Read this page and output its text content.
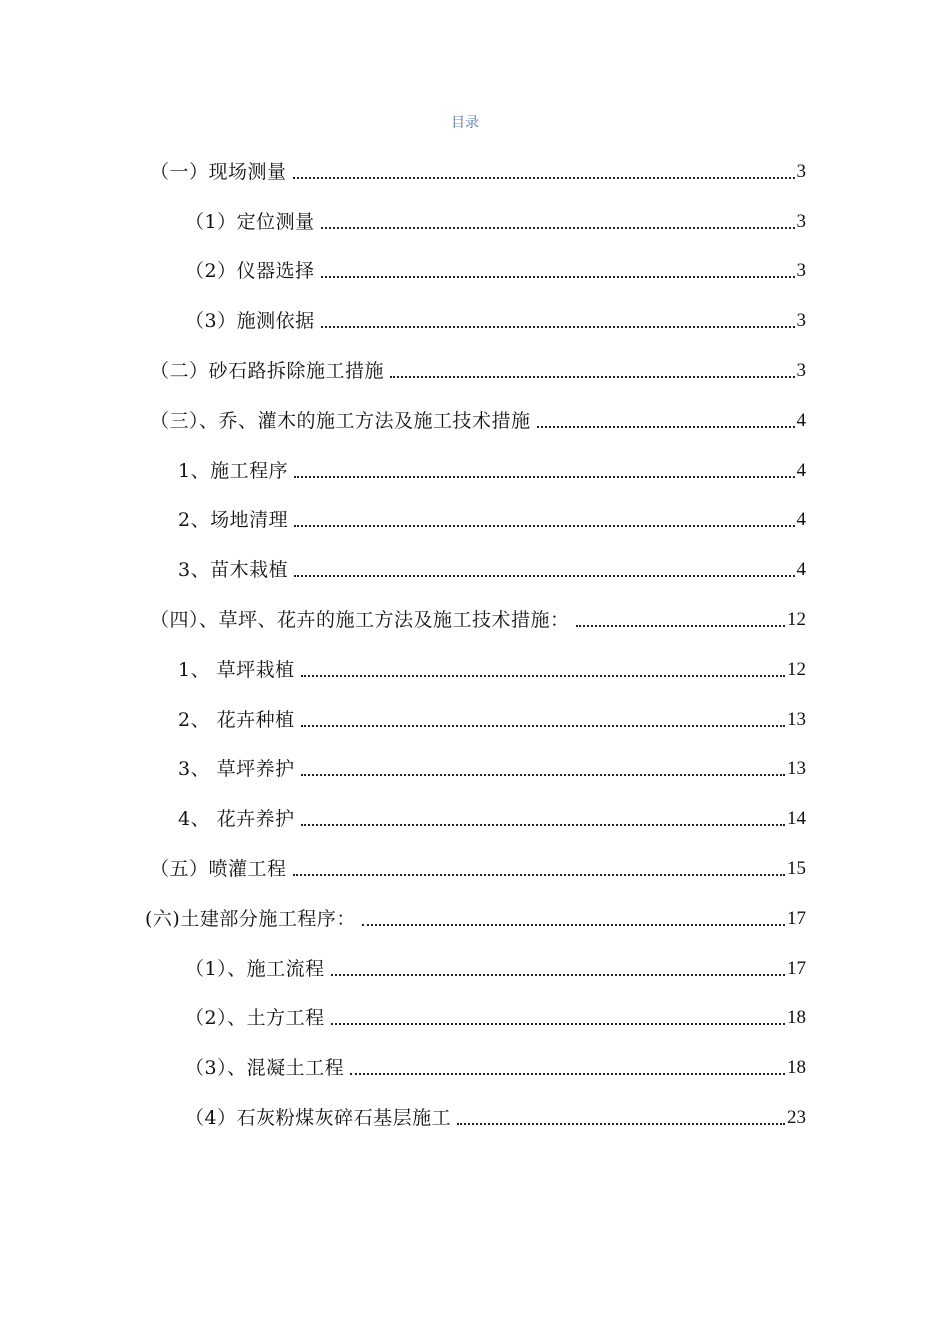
目录
（一）现场测量	3
（1）定位测量	3
（2）仪器选择	3
（3）施测依据	3
（二）砂石路拆除施工措施	3
（三）、乔、灌木的施工方法及施工技术措施	4
1、施工程序	4
2、场地清理	4
3、苗木栽植	4
（四）、草坪、花卉的施工方法及施工技术措施：	12
1、 草坪栽植	12
2、 花卉种植	13
3、 草坪养护	13
4、 花卉养护	14
（五）喷灌工程	15
(六)土建部分施工程序：	17
（1）、施工流程	17
（2）、土方工程	18
（3）、混凝土工程	18
（4）石灰粉煤灰碎石基层施工	23
